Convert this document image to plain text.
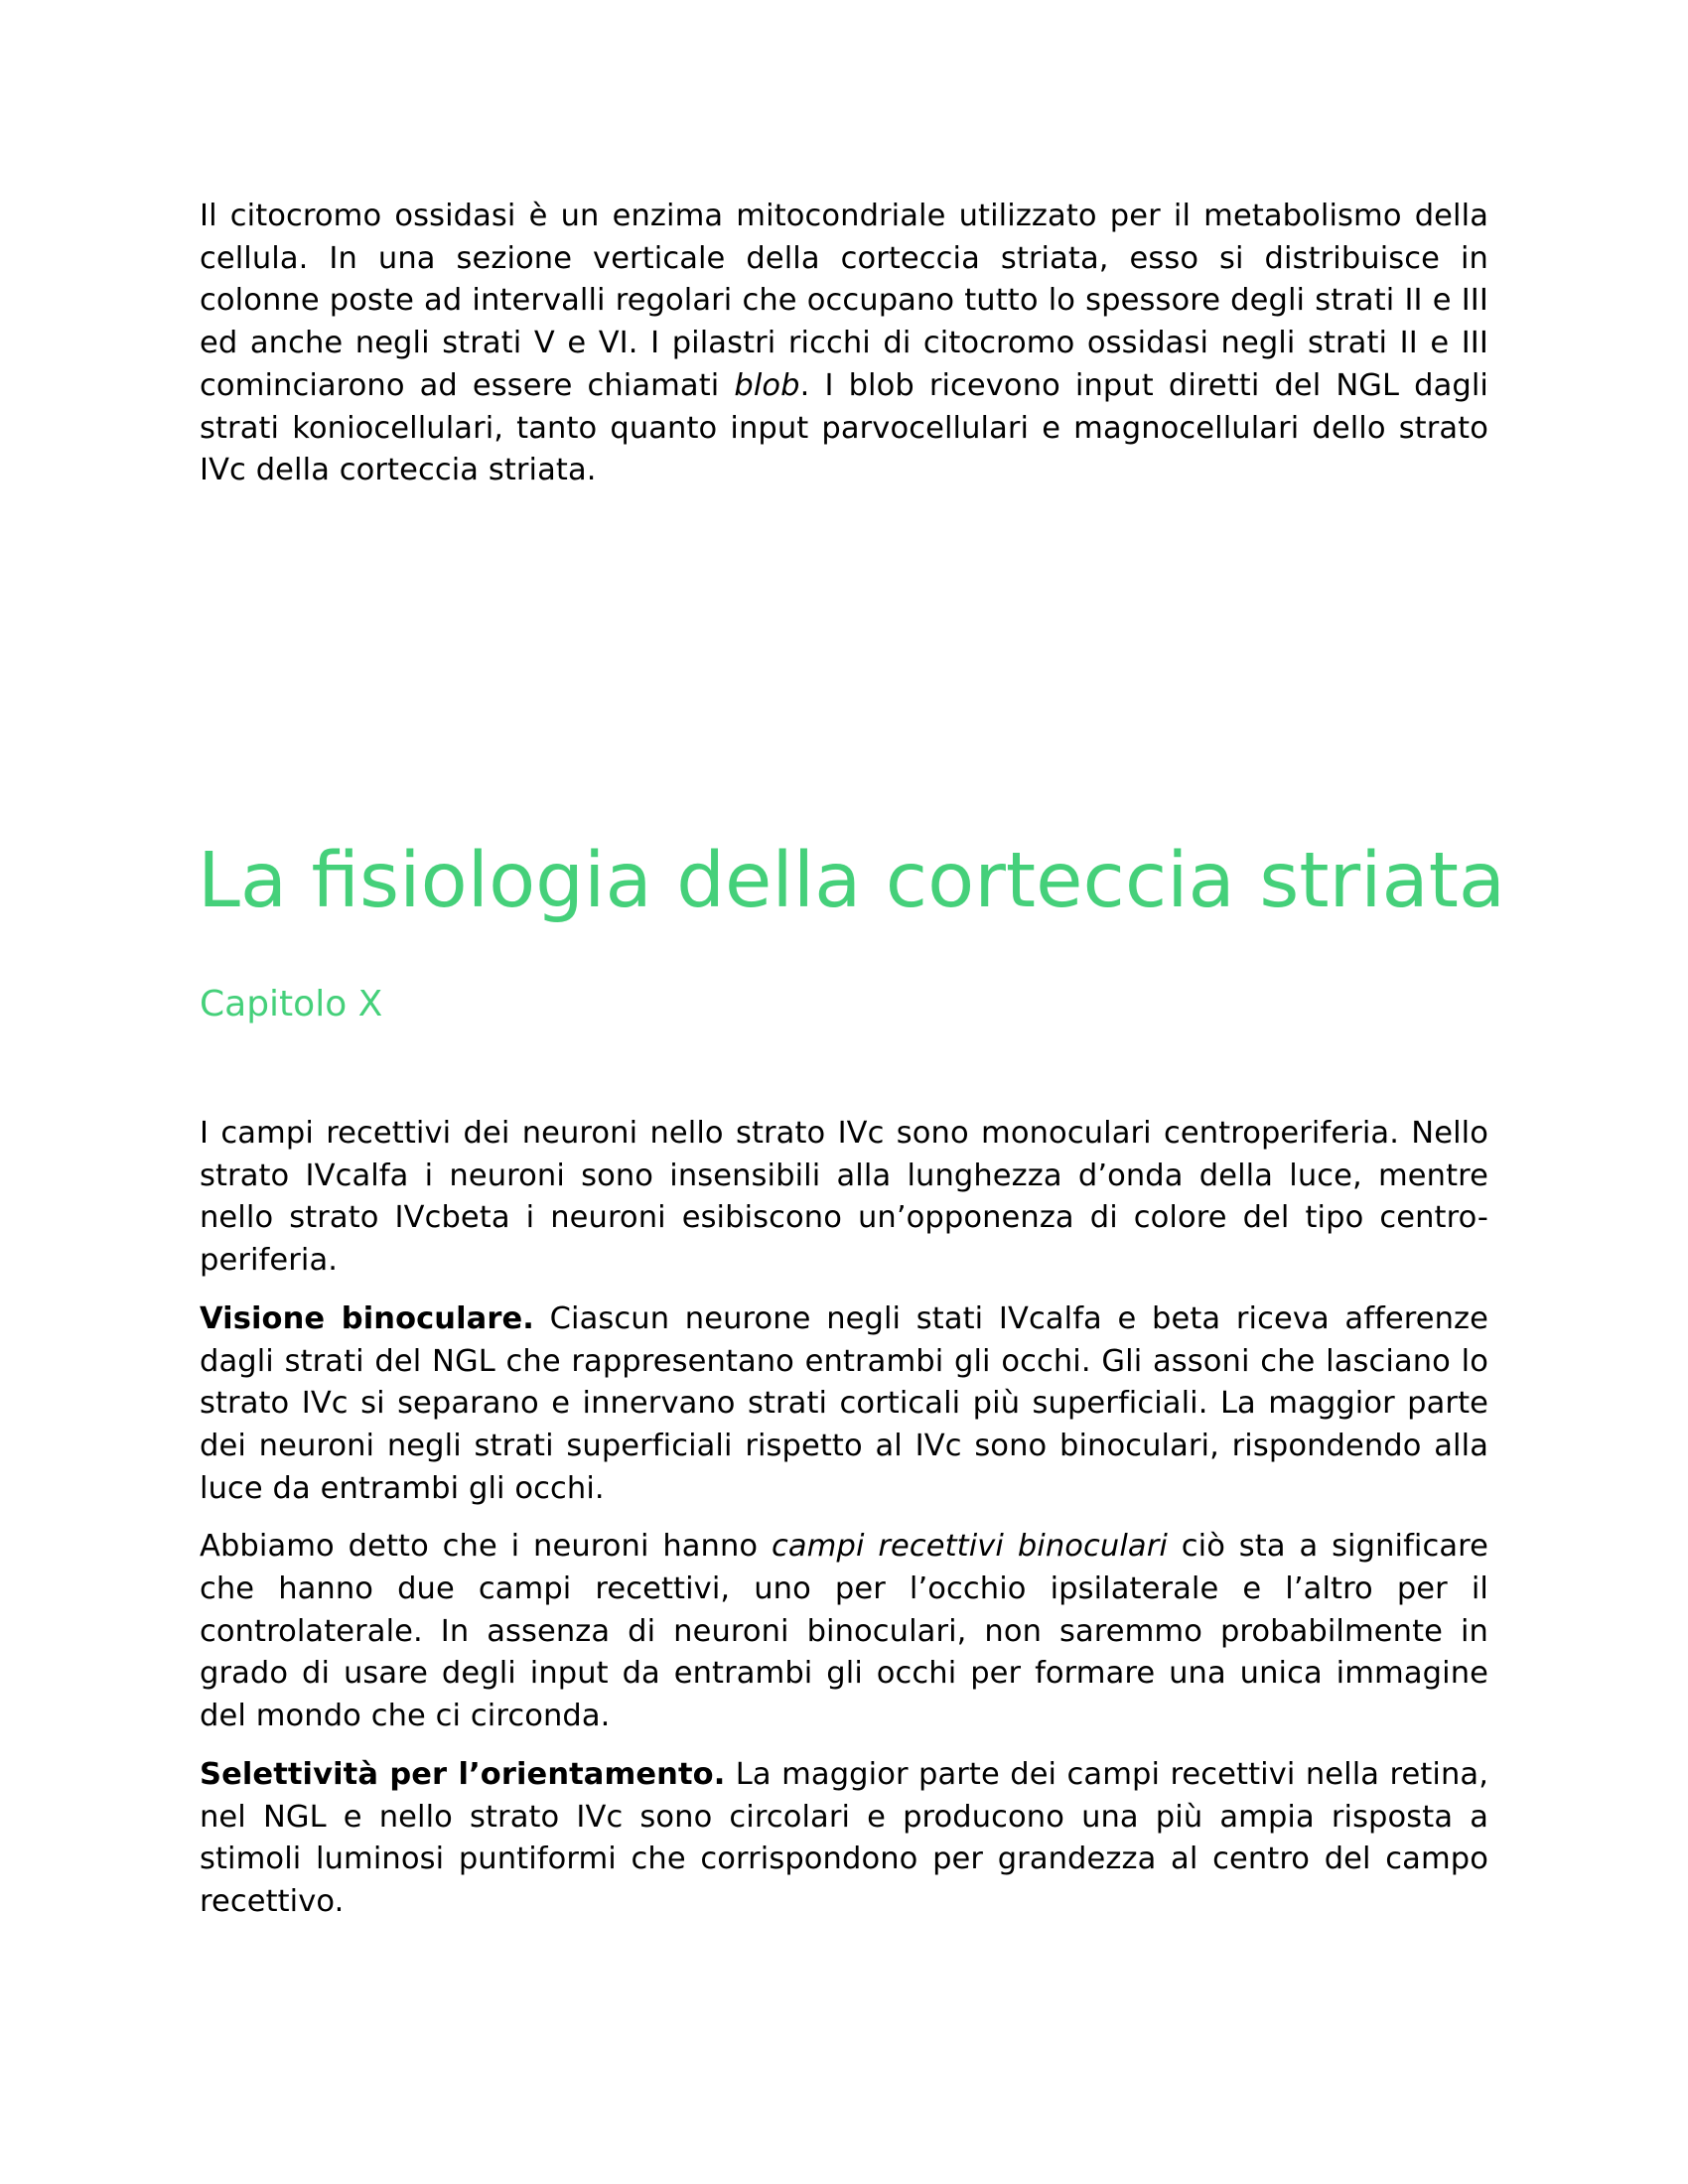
Il citocromo ossidasi è un enzima mitocondriale utilizzato per il metabolismo della cellula. In una sezione verticale della corteccia striata, esso si distribuisce in colonne poste ad intervalli regolari che occupano tutto lo spessore degli strati II e III ed anche negli strati V e VI. I pilastri ricchi di citocromo ossidasi negli strati II e III cominciarono ad essere chiamati blob. I blob ricevono input diretti del NGL dagli strati koniocellulari, tanto quanto input parvocellulari e magnocellulari dello strato IVc della corteccia striata.

La fisiologia della corteccia striata
Capitolo X

I campi recettivi dei neuroni nello strato IVc sono monoculari centroperiferia. Nello strato IVcalfa i neuroni sono insensibili alla lunghezza d’onda della luce, mentre nello strato IVcbeta i neuroni esibiscono un’opponenza di colore del tipo centro-periferia.

Visione binoculare. Ciascun neurone negli stati IVcalfa e beta riceva afferenze dagli strati del NGL che rappresentano entrambi gli occhi. Gli assoni che lasciano lo strato IVc si separano e innervano strati corticali più superficiali. La maggior parte dei neuroni negli strati superficiali rispetto al IVc sono binoculari, rispondendo alla luce da entrambi gli occhi.

Abbiamo detto che i neuroni hanno campi recettivi binoculari ciò sta a significare che hanno due campi recettivi, uno per l’occhio ipsilaterale e l’altro per il controlaterale. In assenza di neuroni binoculari, non saremmo probabilmente in grado di usare degli input da entrambi gli occhi per formare una unica immagine del mondo che ci circonda.

Selettività per l’orientamento. La maggior parte dei campi recettivi nella retina, nel NGL e nello strato IVc sono circolari e producono una più ampia risposta a stimoli luminosi puntiformi che corrispondono per grandezza al centro del campo recettivo.
